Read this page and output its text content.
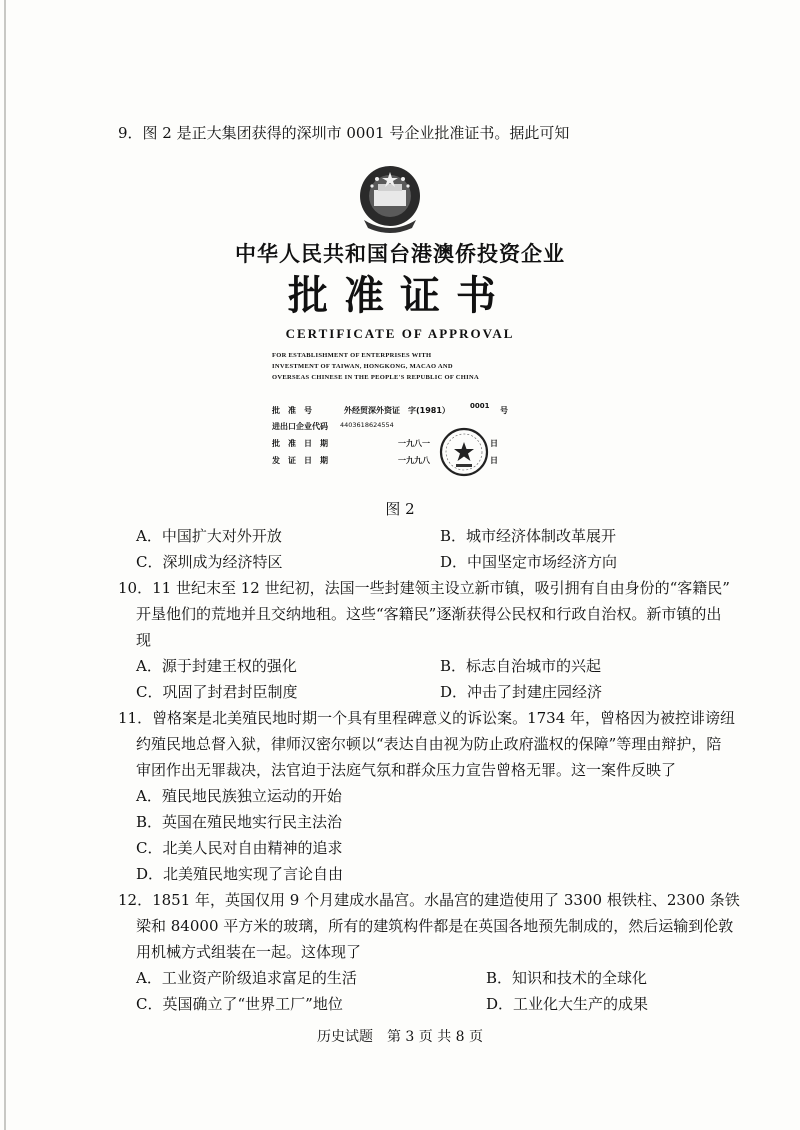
9．图 2 是正大集团获得的深圳市 0001 号企业批准证书。据此可知
中华人民共和国台港澳侨投资企业
批准证书
CERTIFICATE OF APPROVAL
FOR ESTABLISHMENT OF ENTERPRISES WITH
INVESTMENT OF TAIWAN, HONGKONG, MACAO AND
OVERSEAS CHINESE IN THE PEOPLE'S REPUBLIC OF CHINA
批　准　号	外经贸深外资证　字(1981）	0001 号
进出口企业代码 4403618624554
批　准　日　期	一九八一	日
发　证　日　期	一九九八	日
图 2
A．中国扩大对外开放	B．城市经济体制改革展开
C．深圳成为经济特区	D．中国坚定市场经济方向
10．11 世纪末至 12 世纪初，法国一些封建领主设立新市镇，吸引拥有自由身份的“客籍民”
开垦他们的荒地并且交纳地租。这些“客籍民”逐渐获得公民权和行政自治权。新市镇的出
现
A．源于封建王权的强化	B．标志自治城市的兴起
C．巩固了封君封臣制度	D．冲击了封建庄园经济
11．曾格案是北美殖民地时期一个具有里程碑意义的诉讼案。1734 年，曾格因为被控诽谤纽
约殖民地总督入狱，律师汉密尔顿以“表达自由视为防止政府滥权的保障”等理由辩护，陪
审团作出无罪裁决，法官迫于法庭气氛和群众压力宣告曾格无罪。这一案件反映了
A．殖民地民族独立运动的开始
B．英国在殖民地实行民主法治
C．北美人民对自由精神的追求
D．北美殖民地实现了言论自由
12．1851 年，英国仅用 9 个月建成水晶宫。水晶宫的建造使用了 3300 根铁柱、2300 条铁
梁和 84000 平方米的玻璃，所有的建筑构件都是在英国各地预先制成的，然后运输到伦敦
用机械方式组装在一起。这体现了
A．工业资产阶级追求富足的生活	B．知识和技术的全球化
C．英国确立了“世界工厂”地位	D．工业化大生产的成果
历史试题　第 3 页 共 8 页
